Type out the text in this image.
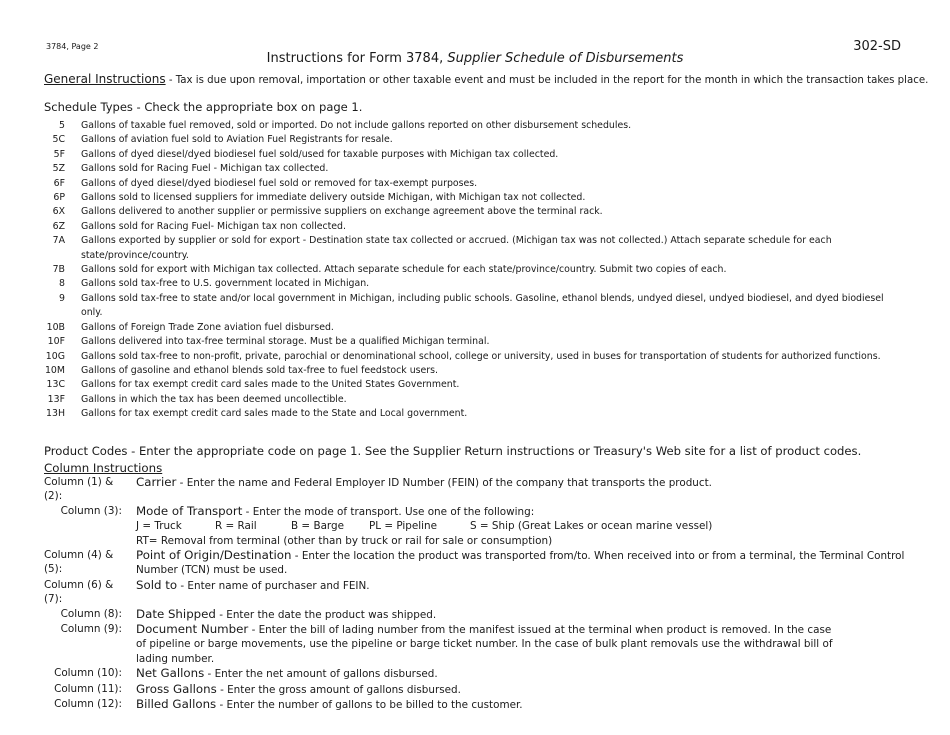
3784, Page 2	302-SD
Instructions for Form 3784, Supplier Schedule of Disbursements
General Instructions - Tax is due upon removal, importation or other taxable event and must be included in the report for the month in which the transaction takes place.
Schedule Types - Check the appropriate box on page 1.
5 Gallons of taxable fuel removed, sold or imported. Do not include gallons reported on other disbursement schedules.
5C Gallons of aviation fuel sold to Aviation Fuel Registrants for resale.
5F Gallons of dyed diesel/dyed biodiesel fuel sold/used for taxable purposes with Michigan tax collected.
5Z Gallons sold for Racing Fuel - Michigan tax collected.
6F Gallons of dyed diesel/dyed biodiesel fuel sold or removed for tax-exempt purposes.
6P Gallons sold to licensed suppliers for immediate delivery outside Michigan, with Michigan tax not collected.
6X Gallons delivered to another supplier or permissive suppliers on exchange agreement above the terminal rack.
6Z Gallons sold for Racing Fuel- Michigan tax non collected.
7A Gallons exported by supplier or sold for export - Destination state tax collected or accrued. (Michigan tax was not collected.) Attach separate schedule for each state/province/country.
7B Gallons sold for export with Michigan tax collected. Attach separate schedule for each state/province/country. Submit two copies of each.
8 Gallons sold tax-free to U.S. government located in Michigan.
9 Gallons sold tax-free to state and/or local government in Michigan, including public schools. Gasoline, ethanol blends, undyed diesel, undyed biodiesel, and dyed biodiesel only.
10B Gallons of Foreign Trade Zone aviation fuel disbursed.
10F Gallons delivered into tax-free terminal storage. Must be a qualified Michigan terminal.
10G Gallons sold tax-free to non-profit, private, parochial or denominational school, college or university, used in buses for transportation of students for authorized functions.
10M Gallons of gasoline and ethanol blends sold tax-free to fuel feedstock users.
13C Gallons for tax exempt credit card sales made to the United States Government.
13F Gallons in which the tax has been deemed uncollectible.
13H Gallons for tax exempt credit card sales made to the State and Local government.
Product Codes - Enter the appropriate code on page 1. See the Supplier Return instructions or Treasury's Web site for a list of product codes.
Column Instructions
Column (1) & (2):
Carrier - Enter the name and Federal Employer ID Number (FEIN) of the company that transports the product.
Column (3):	Mode of Transport - Enter the mode of transport. Use one of the following:
J = Truck	R = Rail	B = Barge	PL = Pipeline	S = Ship (Great Lakes or ocean marine vessel)
RT= Removal from terminal (other than by truck or rail for sale or consumption)
Column (4) & (5):
Point of Origin/Destination - Enter the location the product was transported from/to. When received into or from a terminal, the Terminal Control Number (TCN) must be used.
Column (6) & (7):
Sold to - Enter name of purchaser and FEIN.
Column (8):	Date Shipped - Enter the date the product was shipped.
Column (9):	Document Number - Enter the bill of lading number from the manifest issued at the terminal when product is removed. In the case of pipeline or barge movements, use the pipeline or barge ticket number. In the case of bulk plant removals use the withdrawal bill of lading number.
Column (10):	Net Gallons - Enter the net amount of gallons disbursed.
Column (11):	Gross Gallons - Enter the gross amount of gallons disbursed.
Column (12):	Billed Gallons - Enter the number of gallons to be billed to the customer.
